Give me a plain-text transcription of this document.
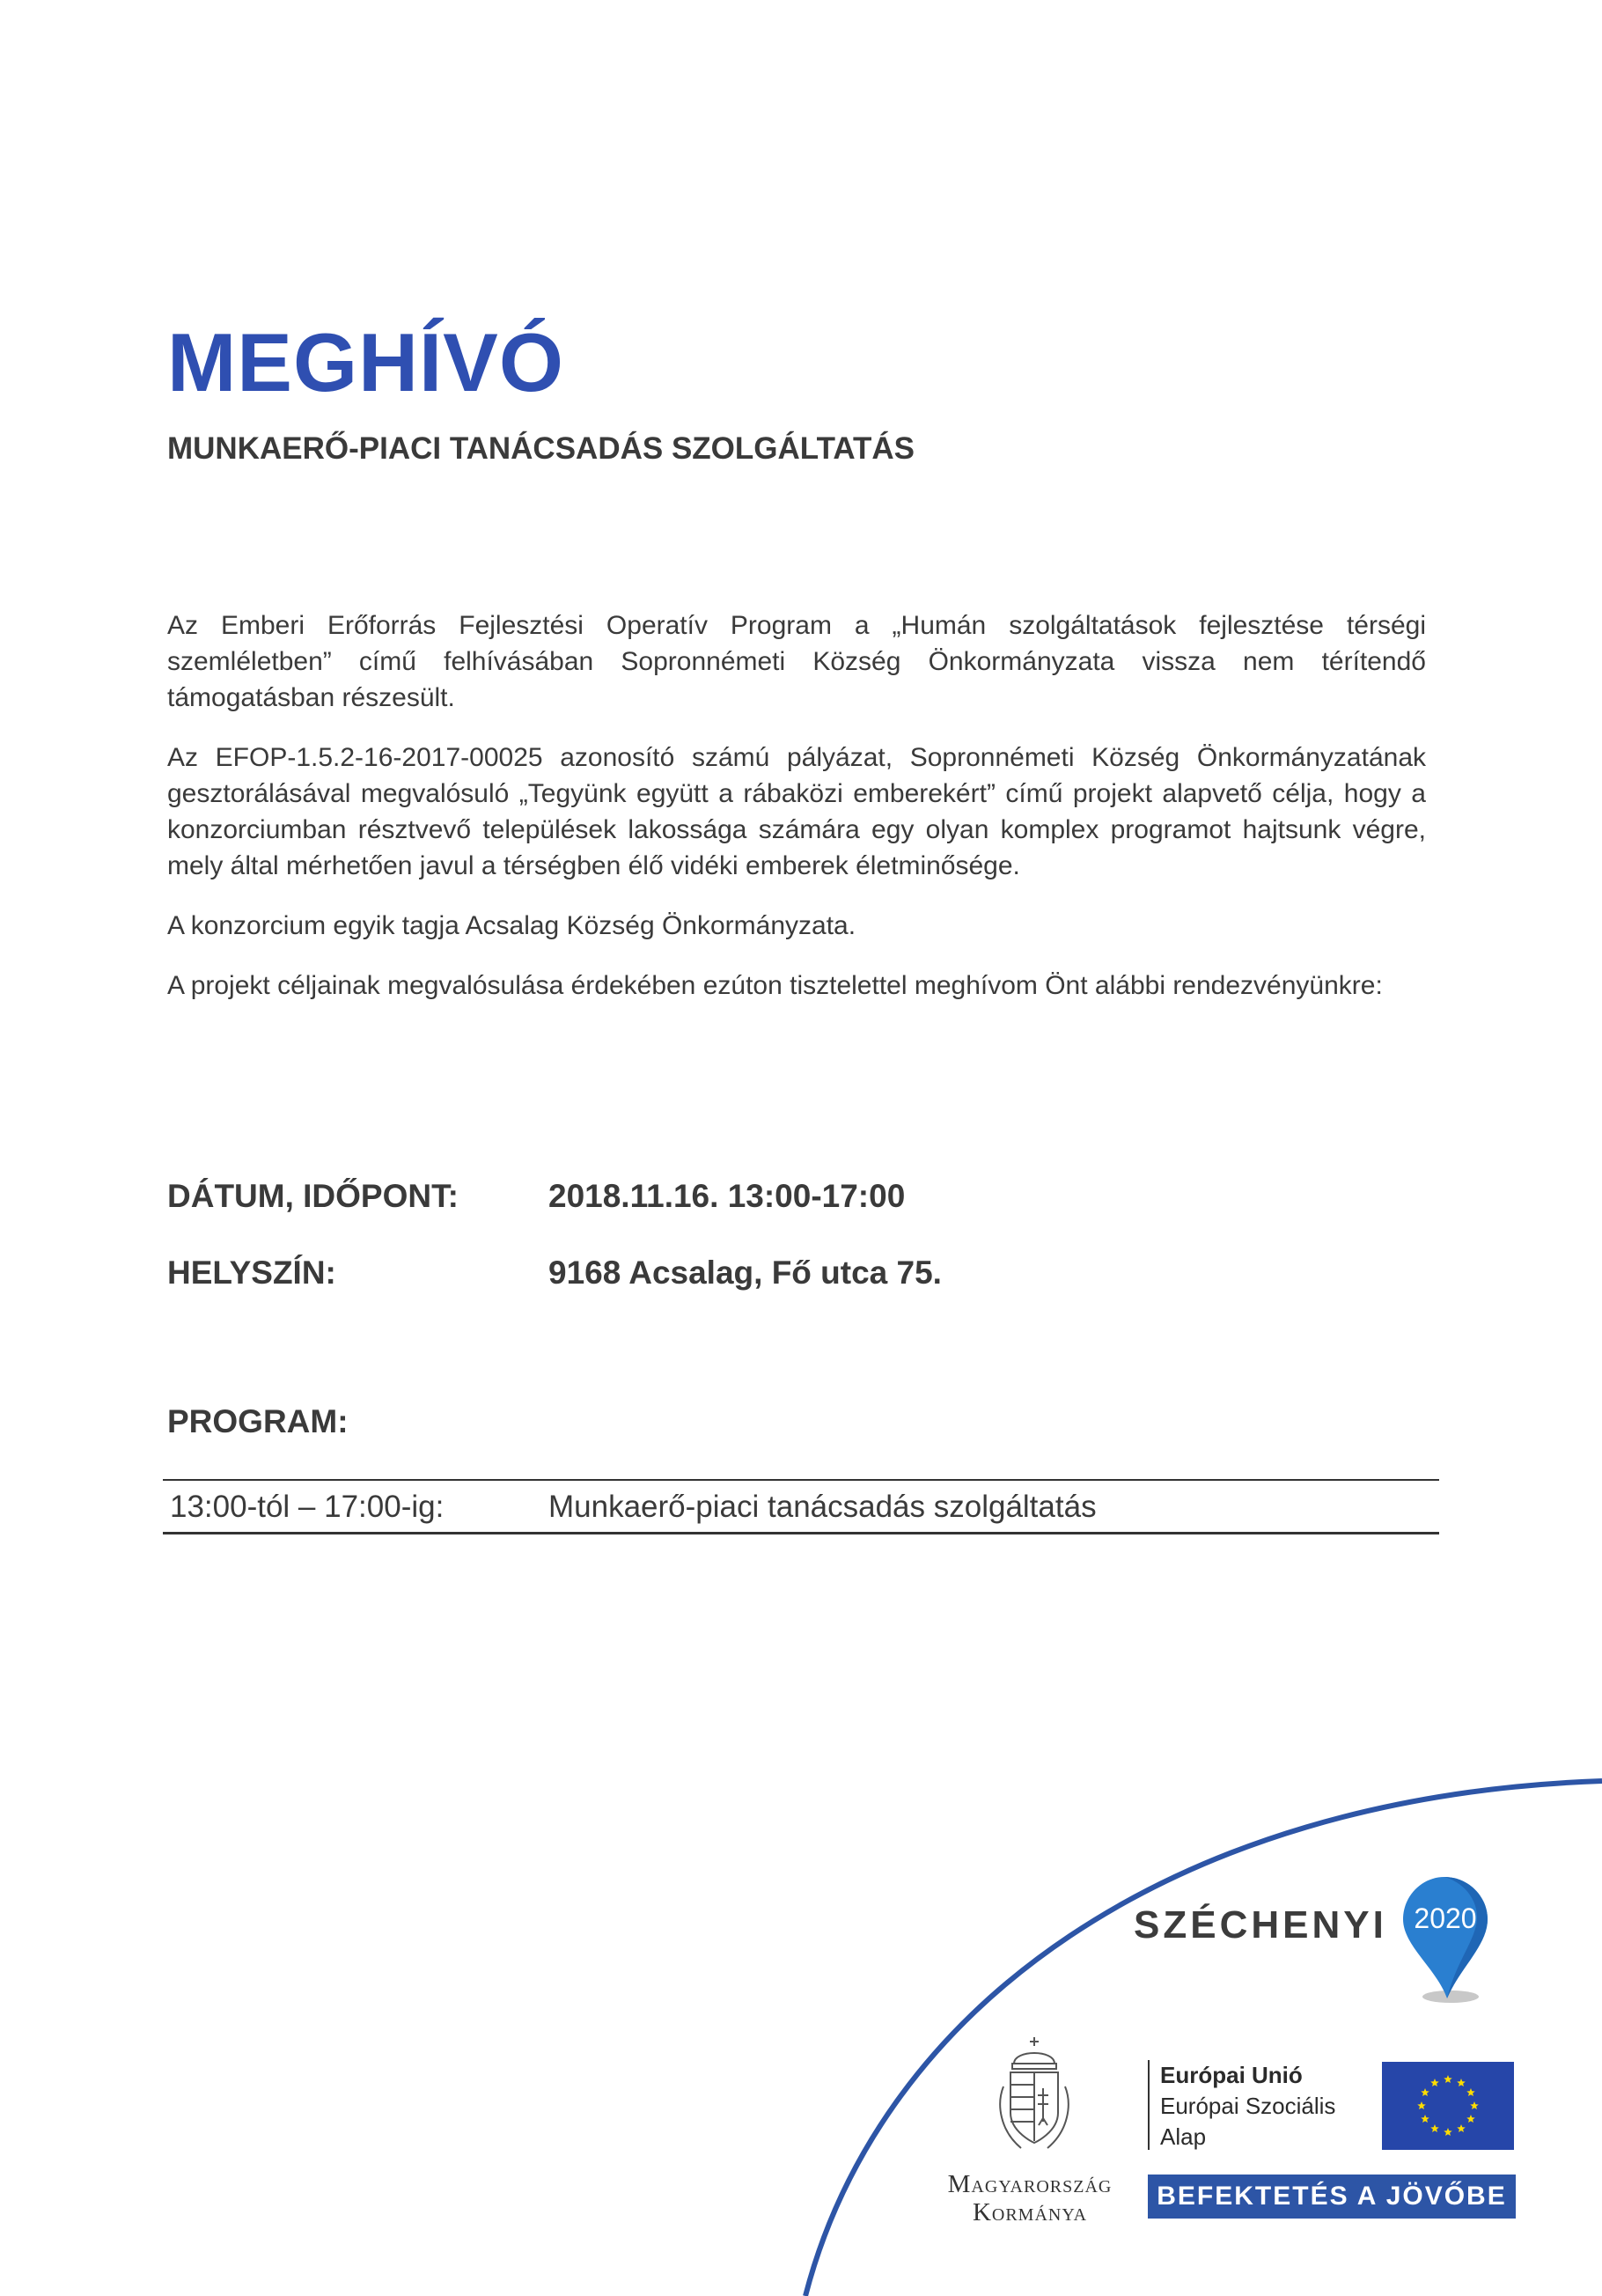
MEGHÍVÓ
MUNKAERŐ-PIACI TANÁCSADÁS SZOLGÁLTATÁS

Az Emberi Erőforrás Fejlesztési Operatív Program a „Humán szolgáltatások fejlesztése térségi szemléletben” című felhívásában Sopronnémeti Község Önkormányzata vissza nem térítendő támogatásban részesült.

Az EFOP-1.5.2-16-2017-00025 azonosító számú pályázat, Sopronnémeti Község Önkormányzatának gesztorálásával megvalósuló „Tegyünk együtt a rábaközi emberekért” című projekt alapvető célja, hogy a konzorciumban résztvevő települések lakossága számára egy olyan komplex programot hajtsunk végre, mely által mérhetően javul a térségben élő vidéki emberek életminősége.

A konzorcium egyik tagja Acsalag Község Önkormányzata.

A projekt céljainak megvalósulása érdekében ezúton tisztelettel meghívom Önt alábbi rendezvényünkre:

DÁTUM, IDŐPONT:	2018.11.16. 13:00-17:00
HELYSZÍN:	9168 Acsalag, Fő utca 75.
PROGRAM:
13:00-tól – 17:00-ig:	Munkaerő-piaci tanácsadás szolgáltatás
SZÉCHENYI 2020
Magyarország
Kormánya
Európai Unió
Európai Szociális
Alap
BEFEKTETÉS A JÖVŐBE
